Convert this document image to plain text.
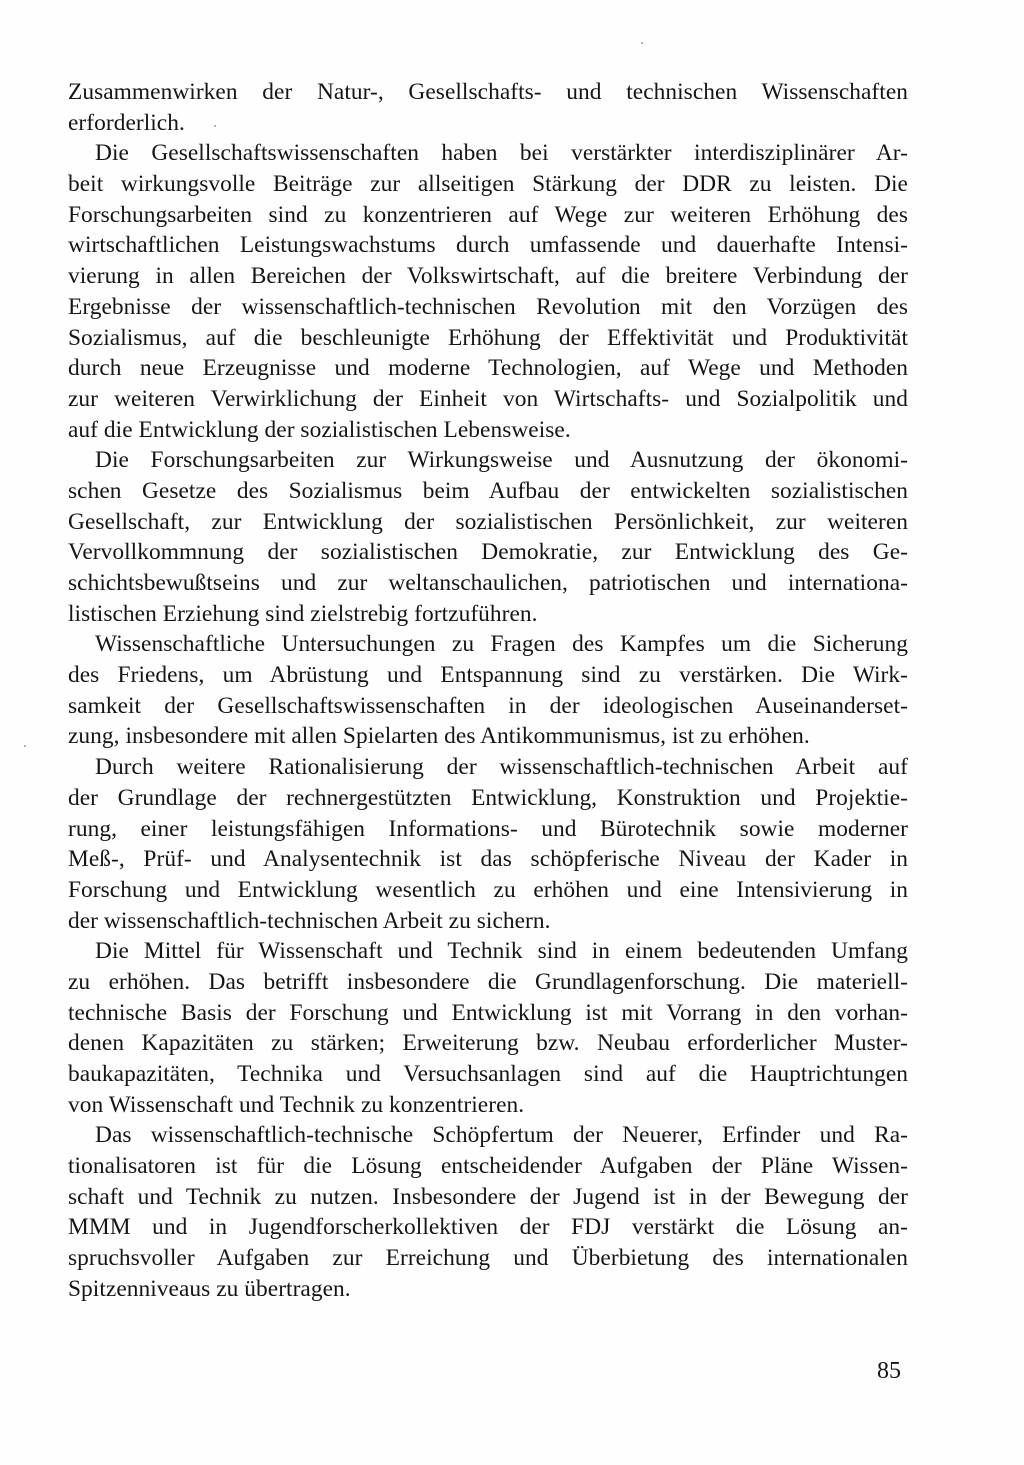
Zusammenwirken der Natur-, Gesellschafts- und technischen Wissenschaften
erforderlich.
Die Gesellschaftswissenschaften haben bei verstärkter interdisziplinärer Ar-
beit wirkungsvolle Beiträge zur allseitigen Stärkung der DDR zu leisten. Die
Forschungsarbeiten sind zu konzentrieren auf Wege zur weiteren Erhöhung des
wirtschaftlichen Leistungswachstums durch umfassende und dauerhafte Intensi-
vierung in allen Bereichen der Volkswirtschaft, auf die breitere Verbindung der
Ergebnisse der wissenschaftlich-technischen Revolution mit den Vorzügen des
Sozialismus, auf die beschleunigte Erhöhung der Effektivität und Produktivität
durch neue Erzeugnisse und moderne Technologien, auf Wege und Methoden
zur weiteren Verwirklichung der Einheit von Wirtschafts- und Sozialpolitik und
auf die Entwicklung der sozialistischen Lebensweise.
Die Forschungsarbeiten zur Wirkungsweise und Ausnutzung der ökonomi-
schen Gesetze des Sozialismus beim Aufbau der entwickelten sozialistischen
Gesellschaft, zur Entwicklung der sozialistischen Persönlichkeit, zur weiteren
Vervollkommnung der sozialistischen Demokratie, zur Entwicklung des Ge-
schichtsbewußtseins und zur weltanschaulichen, patriotischen und internationa-
listischen Erziehung sind zielstrebig fortzuführen.
Wissenschaftliche Untersuchungen zu Fragen des Kampfes um die Sicherung
des Friedens, um Abrüstung und Entspannung sind zu verstärken. Die Wirk-
samkeit der Gesellschaftswissenschaften in der ideologischen Auseinanderset-
zung, insbesondere mit allen Spielarten des Antikommunismus, ist zu erhöhen.
Durch weitere Rationalisierung der wissenschaftlich-technischen Arbeit auf
der Grundlage der rechnergestützten Entwicklung, Konstruktion und Projektie-
rung, einer leistungsfähigen Informations- und Bürotechnik sowie moderner
Meß-, Prüf- und Analysentechnik ist das schöpferische Niveau der Kader in
Forschung und Entwicklung wesentlich zu erhöhen und eine Intensivierung in
der wissenschaftlich-technischen Arbeit zu sichern.
Die Mittel für Wissenschaft und Technik sind in einem bedeutenden Umfang
zu erhöhen. Das betrifft insbesondere die Grundlagenforschung. Die materiell-
technische Basis der Forschung und Entwicklung ist mit Vorrang in den vorhan-
denen Kapazitäten zu stärken; Erweiterung bzw. Neubau erforderlicher Muster-
baukapazitäten, Technika und Versuchsanlagen sind auf die Hauptrichtungen
von Wissenschaft und Technik zu konzentrieren.
Das wissenschaftlich-technische Schöpfertum der Neuerer, Erfinder und Ra-
tionalisatoren ist für die Lösung entscheidender Aufgaben der Pläne Wissen-
schaft und Technik zu nutzen. Insbesondere der Jugend ist in der Bewegung der
MMM und in Jugendforscherkollektiven der FDJ verstärkt die Lösung an-
spruchsvoller Aufgaben zur Erreichung und Überbietung des internationalen
Spitzenniveaus zu übertragen.
85
